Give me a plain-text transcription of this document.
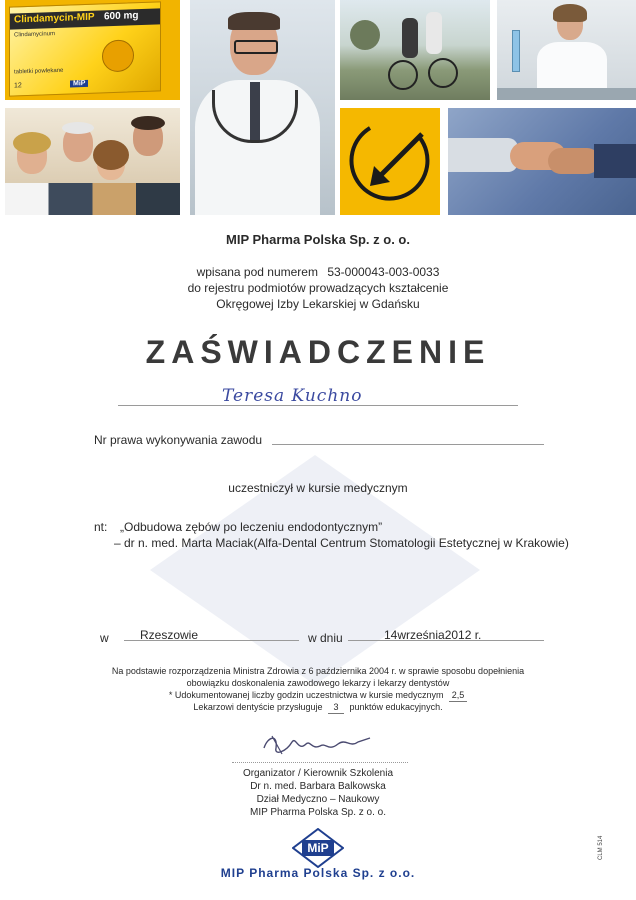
Clindamycin-MIP 600 mg
Clindamycinum
tabletki powlekane
12	MiP
MIP Pharma Polska Sp. z o. o.
wpisana pod numerem 53-000043-003-0033
do rejestru podmiotów prowadzących kształcenie
Okręgowej Izby Lekarskiej w Gdańsku
ZAŚWIADCZENIE
Teresa Kuchno
Nr prawa wykonywania zawodu
uczestniczył w kursie medycznym
nt: „Odbudowa zębów po leczeniu endodontycznym”
– dr n. med. Marta Maciak(Alfa-Dental Centrum Stomatologii Estetycznej w Krakowie)
w	Rzeszowie	w dniu	14września2012 r.
Na podstawie rozporządzenia Ministra Zdrowia z 6 października 2004 r. w sprawie sposobu dopełnienia
obowiązku doskonalenia zawodowego lekarzy i lekarzy dentystów
* Udokumentowanej liczby godzin uczestnictwa w kursie medycznym 2,5
Lekarzowi dentyście przysługuje 3 punktów edukacyjnych.
Organizator / Kierownik Szkolenia
Dr n. med. Barbara Balkowska
Dział Medyczno – Naukowy
MIP Pharma Polska Sp. z o. o.
MiP
MIP Pharma Polska Sp. z o.o.
CLM 514
